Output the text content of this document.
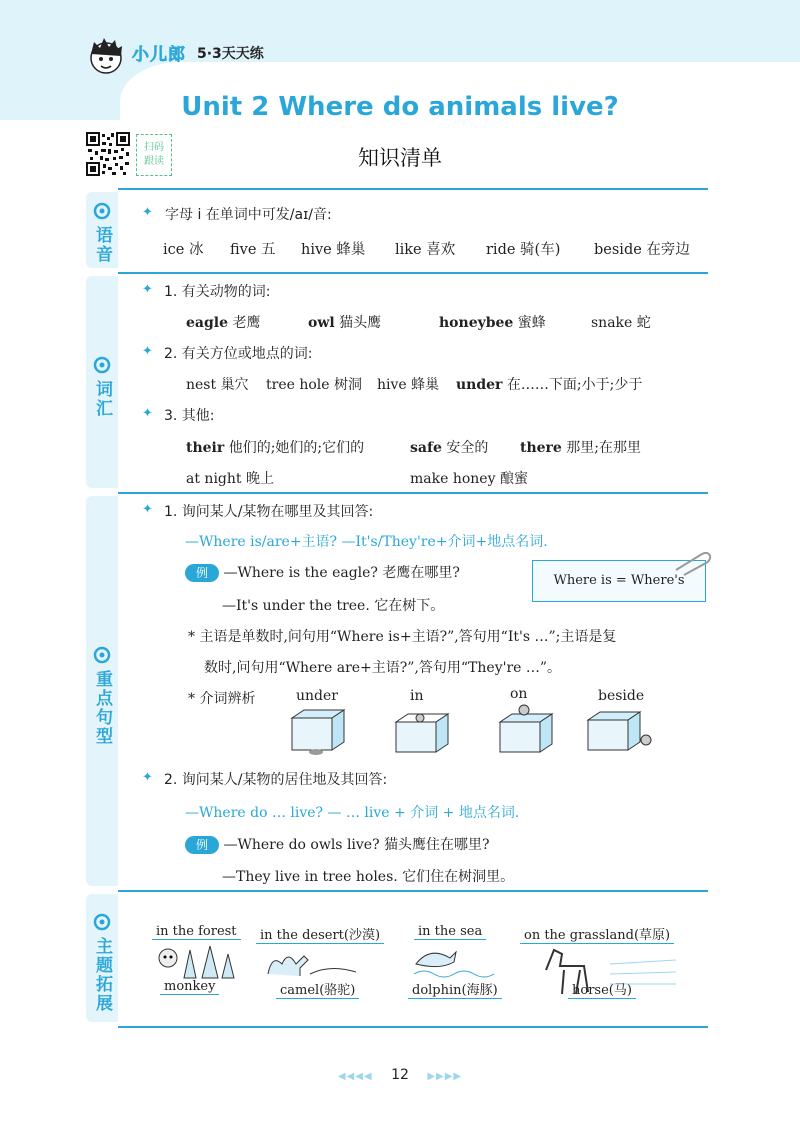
小儿郎 5·3天天练
Unit 2 Where do animals live?
扫码
跟读	知识清单
语音
词汇
重点句型
主题拓展
✦ 字母 i 在单词中可发/aɪ/音:
ice 冰	five 五	hive 蜂巢	like 喜欢	ride 骑(车)	beside 在旁边
✦ 1. 有关动物的词:
eagle 老鹰	owl 猫头鹰	honeybee 蜜蜂	snake 蛇
✦ 2. 有关方位或地点的词:
nest 巢穴 tree hole 树洞 hive 蜂巢 under 在……下面;小于;少于
✦ 3. 其他:
their 他们的;她们的;它们的	safe 安全的 there 那里;在那里
at night 晚上	make honey 酿蜜
✦ 1. 询问某人/某物在哪里及其回答:
—Where is/are+主语? —It's/They're+介词+地点名词.
例 —Where is the eagle? 老鹰在哪里?
—It's under the tree. 它在树下。
Where is = Where's
* 主语是单数时,问句用“Where is+主语?”,答句用“It's …”;主语是复
数时,问句用“Where are+主语?”,答句用“They're …”。
* 介词辨析	under	in	on	beside
✦ 2. 询问某人/某物的居住地及其回答:
—Where do … live? — … live + 介词 + 地点名词.
例 —Where do owls live? 猫头鹰住在哪里?
—They live in tree holes. 它们住在树洞里。
in the forest	in the desert(沙漠)	in the sea	on the grassland(草原)
monkey	camel(骆驼)	dolphin(海豚)	horse(马)
◀◀◀◀ 12 ▶▶▶▶
